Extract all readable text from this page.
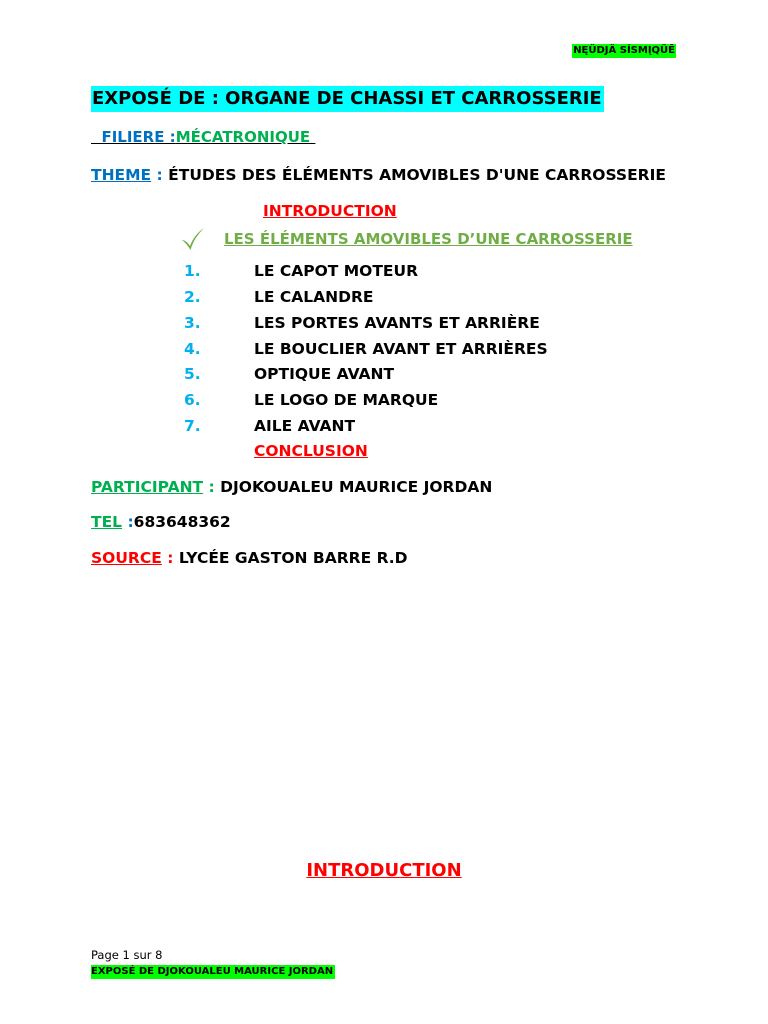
NĘÜDJÄ SÍSMĮQŨĒ
EXPOSÉ DE : ORGANE DE CHASSI ET CARROSSERIE
FILIERE :MÉCATRONIQUE
THEME : ÉTUDES DES ÉLÉMENTS AMOVIBLES D'UNE CARROSSERIE
INTRODUCTION
LES ÉLÉMENTS AMOVIBLES D’UNE CARROSSERIE
1.	LE CAPOT MOTEUR
2.	LE CALANDRE
3.	LES PORTES AVANTS ET ARRIÈRE
4.	LE BOUCLIER AVANT ET ARRIÈRES
5.	OPTIQUE AVANT
6.	LE LOGO DE MARQUE
7.	AILE AVANT
CONCLUSION
PARTICIPANT : DJOKOUALEU MAURICE JORDAN
TEL :683648362
SOURCE : LYCÉE GASTON BARRE R.D
INTRODUCTION
Page 1 sur 8
EXPOSÉ DE DJOKOUALEU MAURICE JORDAN
